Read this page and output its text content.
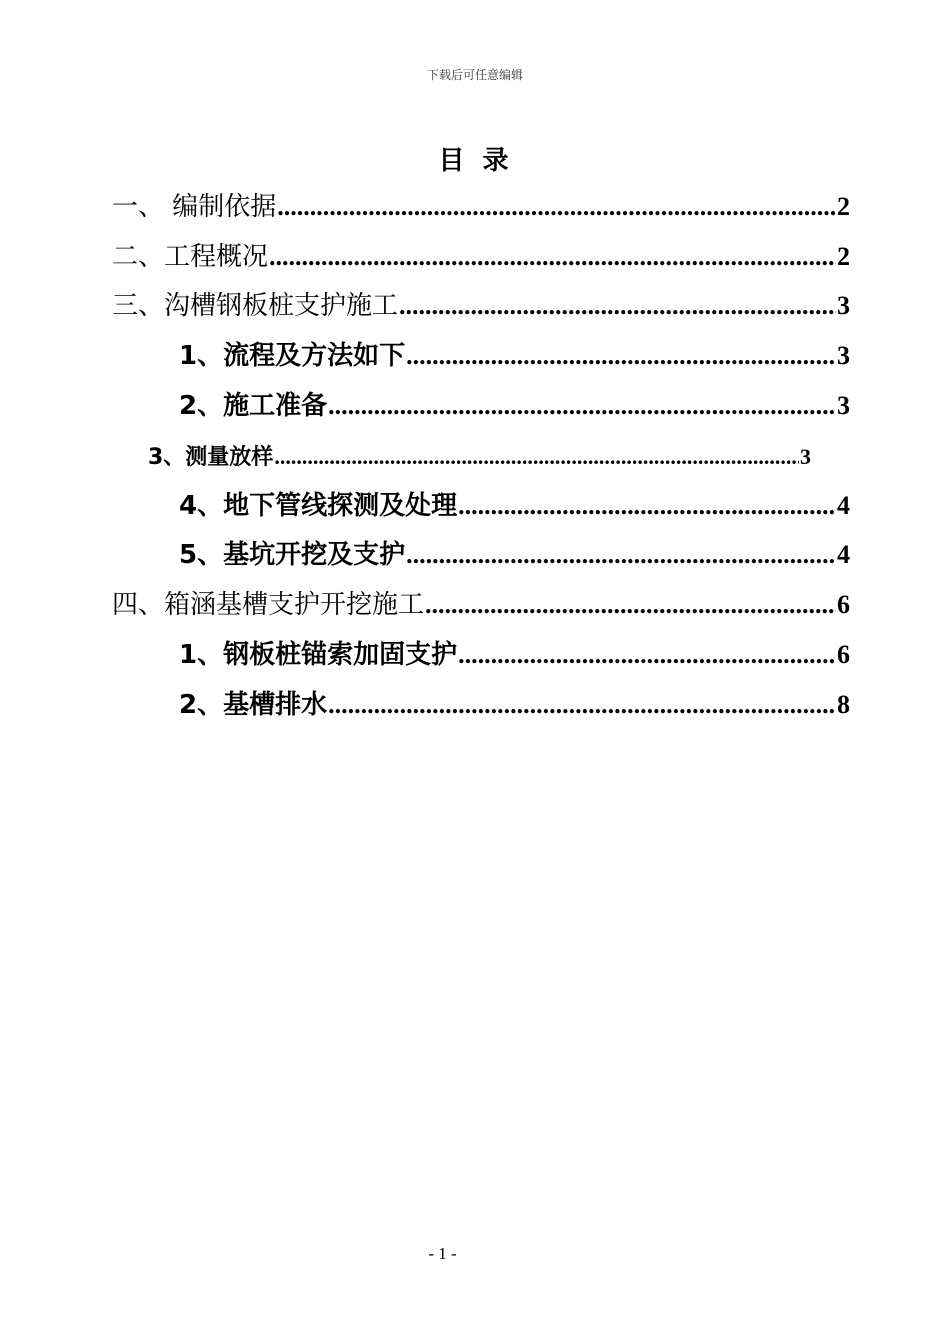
下载后可任意编辑
目录
一、 编制依据 .....	2
二、工程概况 .....	2
三、沟槽钢板桩支护施工 .....	3
1、流程及方法如下 .....	3
2、施工准备 .....	3
3、测量放样 .....	3
4、地下管线探测及处理 .....	4
5、基坑开挖及支护 .....	4
四、箱涵基槽支护开挖施工 .....	6
1、钢板桩锚索加固支护 .....	6
2、基槽排水 .....	8
- 1 -
